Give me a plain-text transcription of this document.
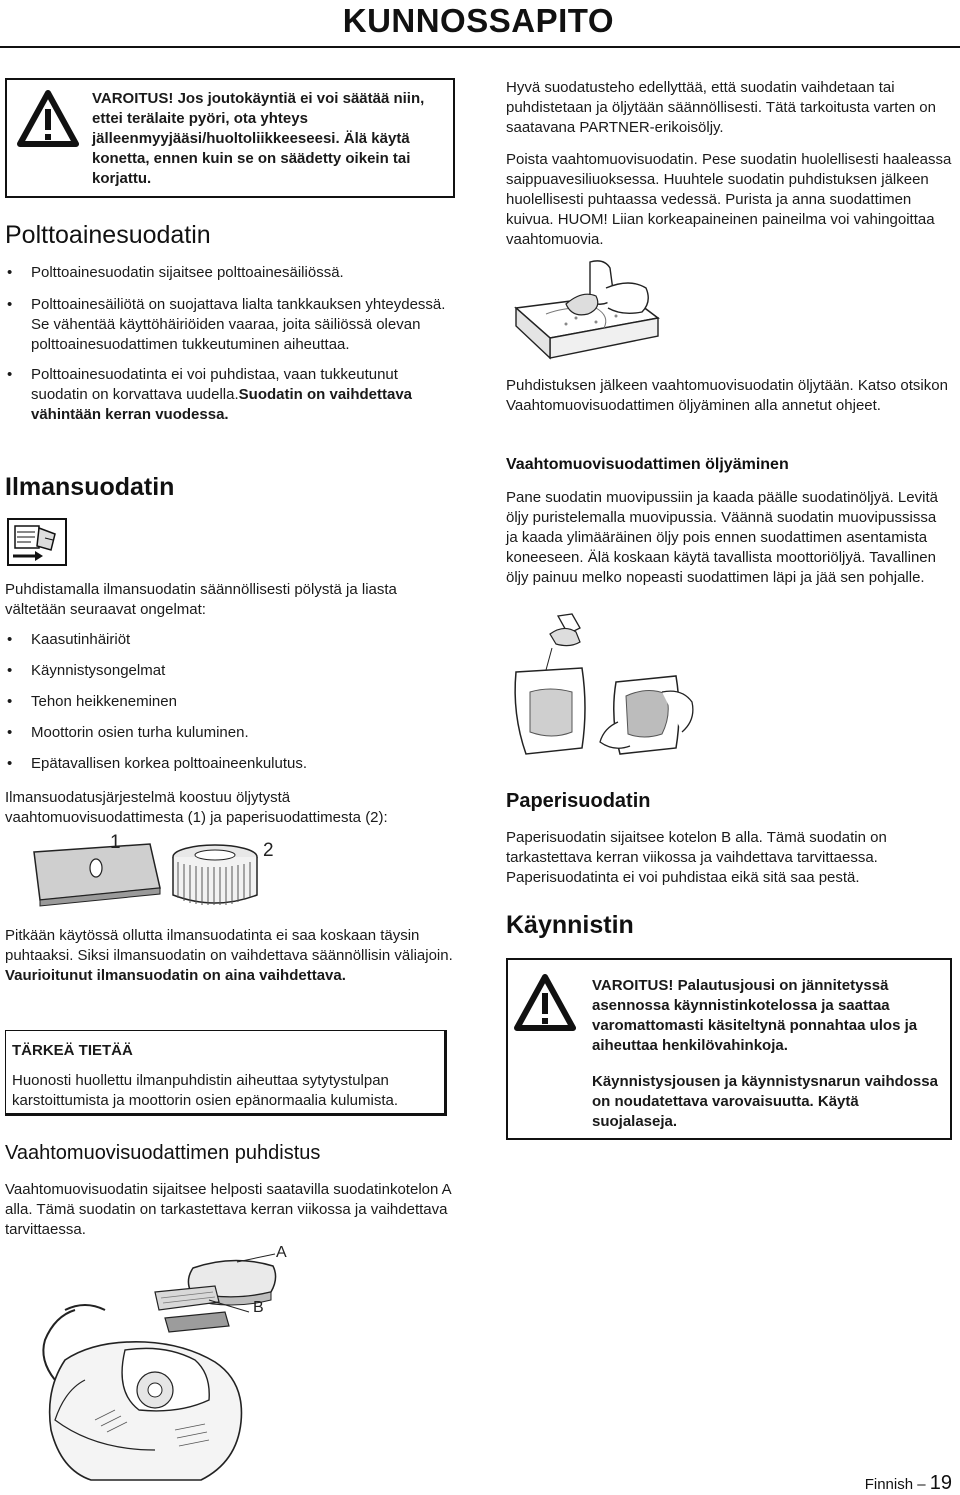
KUNNOSSAPITO
VAROITUS! Jos joutokäyntiä ei voi säätää niin, ettei terälaite pyöri, ota yhteys jälleenmyyjääsi/huoltoliikkeeseesi. Älä käytä konetta, ennen kuin se on säädetty oikein tai korjattu.
Polttoainesuodatin
• Polttoainesuodatin sijaitsee polttoainesäiliössä.
• Polttoainesäiliötä on suojattava lialta tankkauksen yhteydessä. Se vähentää käyttöhäiriöiden vaaraa, joita säiliössä olevan polttoainesuodattimen tukkeutuminen aiheuttaa.
• Polttoainesuodatinta ei voi puhdistaa, vaan tukkeutunut suodatin on korvattava uudella.Suodatin on vaihdettava vähintään kerran vuodessa.
Ilmansuodatin
Puhdistamalla ilmansuodatin säännöllisesti pölystä ja liasta vältetään seuraavat ongelmat:
• Kaasutinhäiriöt
• Käynnistysongelmat
• Tehon heikkeneminen
• Moottorin osien turha kuluminen.
• Epätavallisen korkea polttoaineenkulutus.
Ilmansuodatusjärjestelmä koostuu öljytystä vaahtomuovisuodattimesta (1) ja paperisuodattimesta (2):
1	2
Pitkään käytössä ollutta ilmansuodatinta ei saa koskaan täysin puhtaaksi. Siksi ilmansuodatin on vaihdettava säännöllisin väliajoin. Vaurioitunut ilmansuodatin on aina vaihdettava.
TÄRKEÄ TIETÄÄ
Huonosti huollettu ilmanpuhdistin aiheuttaa sytytystulpan karstoittumista ja moottorin osien epänormaalia kulumista.
Vaahtomuovisuodattimen puhdistus
Vaahtomuovisuodatin sijaitsee helposti saatavilla suodatinkotelon A alla. Tämä suodatin on tarkastettava kerran viikossa ja vaihdettava tarvittaessa.
A
B
Hyvä suodatusteho edellyttää, että suodatin vaihdetaan tai puhdistetaan ja öljytään säännöllisesti. Tätä tarkoitusta varten on saatavana PARTNER-erikoisöljy.
Poista vaahtomuovisuodatin. Pese suodatin huolellisesti haaleassa saippuavesiliuoksessa. Huuhtele suodatin puhdistuksen jälkeen huolellisesti puhtaassa vedessä. Purista ja anna suodattimen kuivua. HUOM! Liian korkeapaineinen paineilma voi vahingoittaa vaahtomuovia.
Puhdistuksen jälkeen vaahtomuovisuodatin öljytään. Katso otsikon Vaahtomuovisuodattimen öljyäminen alla annetut ohjeet.
Vaahtomuovisuodattimen öljyäminen
Pane suodatin muovipussiin ja kaada päälle suodatinöljyä. Levitä öljy puristelemalla muovipussia. Väännä suodatin muovipussissa ja kaada ylimääräinen öljy pois ennen suodattimen asentamista koneeseen. Älä koskaan käytä tavallista moottoriöljyä. Tavallinen öljy painuu melko nopeasti suodattimen läpi ja jää sen pohjalle.
Paperisuodatin
Paperisuodatin sijaitsee kotelon B alla. Tämä suodatin on tarkastettava kerran viikossa ja vaihdettava tarvittaessa. Paperisuodatinta ei voi puhdistaa eikä sitä saa pestä.
Käynnistin
VAROITUS! Palautusjousi on jännitetyssä asennossa käynnistinkotelossa ja saattaa varomattomasti käsiteltynä ponnahtaa ulos ja aiheuttaa henkilövahinkoja.
Käynnistysjousen ja käynnistysnarun vaihdossa on noudatettava varovaisuutta. Käytä suojalaseja.
Finnish – 19
